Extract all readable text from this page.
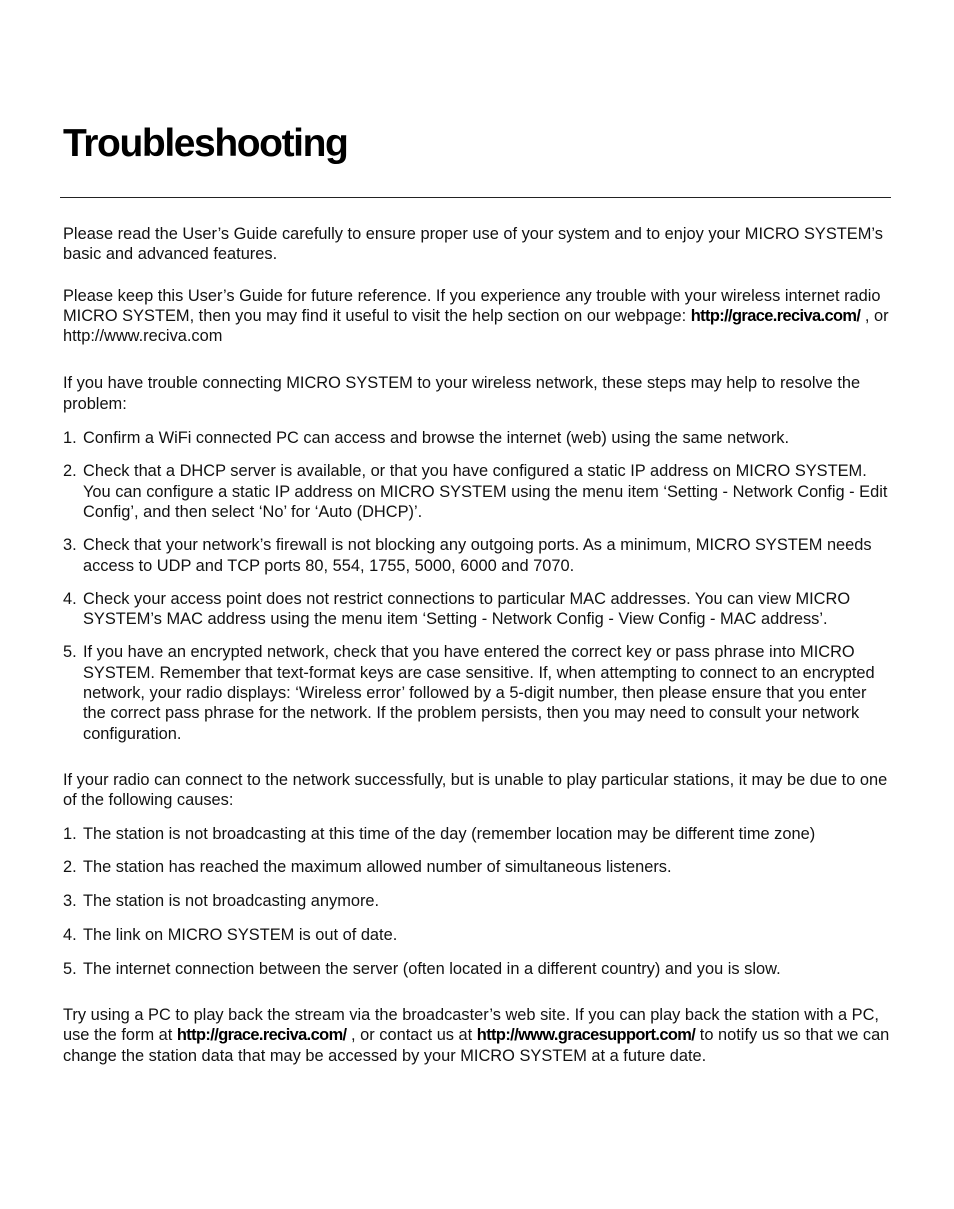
Troubleshooting

Please read the User’s Guide carefully to ensure proper use of your system and to enjoy your MICRO SYSTEM’s basic and advanced features.

Please keep this User’s Guide for future reference. If you experience any trouble with your wireless internet radio MICRO SYSTEM, then you may find it useful to visit the help section on our webpage: http://grace.reciva.com/ , or http://www.reciva.com

If you have trouble connecting MICRO SYSTEM to your wireless network, these steps may help to resolve the problem:

1. Confirm a WiFi connected PC can access and browse the internet (web) using the same network.
2. Check that a DHCP server is available, or that you have configured a static IP address on MICRO SYSTEM. You can configure a static IP address on MICRO SYSTEM using the menu item ‘Setting - Network Config - Edit Config’, and then select ‘No’ for ‘Auto (DHCP)’.
3. Check that your network’s firewall is not blocking any outgoing ports. As a minimum, MICRO SYSTEM needs access to UDP and TCP ports 80, 554, 1755, 5000, 6000 and 7070.
4. Check your access point does not restrict connections to particular MAC addresses. You can view MICRO SYSTEM’s MAC address using the menu item ‘Setting - Network Config - View Config - MAC address’.
5. If you have an encrypted network, check that you have entered the correct key or pass phrase into MICRO SYSTEM. Remember that text-format keys are case sensitive. If, when attempting to connect to an encrypted network, your radio displays: ‘Wireless error’ followed by a 5-digit number, then please ensure that you enter the correct pass phrase for the network. If the problem persists, then you may need to consult your network configuration.

If your radio can connect to the network successfully, but is unable to play particular stations, it may be due to one of the following causes:

1. The station is not broadcasting at this time of the day (remember location may be different time zone)
2. The station has reached the maximum allowed number of simultaneous listeners.
3. The station is not broadcasting anymore.
4. The link on MICRO SYSTEM is out of date.
5. The internet connection between the server (often located in a different country) and you is slow.

Try using a PC to play back the stream via the broadcaster’s web site. If you can play back the station with a PC, use the form at http://grace.reciva.com/ , or contact us at http://www.gracesupport.com/ to notify us so that we can change the station data that may be accessed by your MICRO SYSTEM at a future date.
